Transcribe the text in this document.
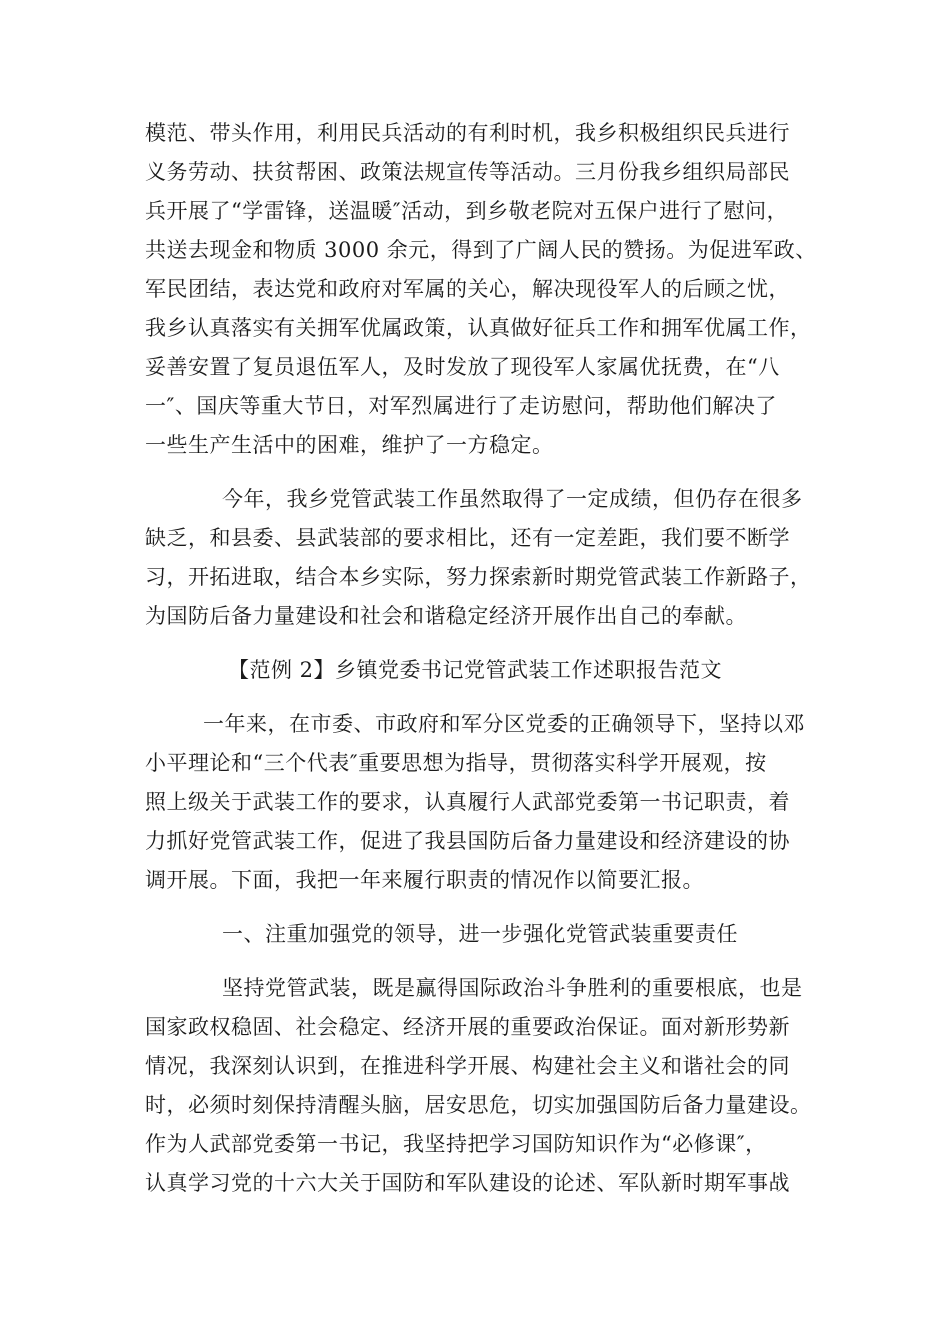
模范、带头作用，利用民兵活动的有利时机，我乡积极组织民兵进行
义务劳动、扶贫帮困、政策法规宣传等活动。三月份我乡组织局部民
兵开展了“学雷锋，送温暖″活动，到乡敬老院对五保户进行了慰问，
共送去现金和物质 3000 余元，得到了广阔人民的赞扬。为促进军政、
军民团结，表达党和政府对军属的关心，解决现役军人的后顾之忧，
我乡认真落实有关拥军优属政策，认真做好征兵工作和拥军优属工作，
妥善安置了复员退伍军人，及时发放了现役军人家属优抚费，在“八
一″、国庆等重大节日，对军烈属进行了走访慰问，帮助他们解决了
一些生产生活中的困难，维护了一方稳定。
今年，我乡党管武装工作虽然取得了一定成绩，但仍存在很多
缺乏，和县委、县武装部的要求相比，还有一定差距，我们要不断学
习，开拓进取，结合本乡实际，努力探索新时期党管武装工作新路子，
为国防后备力量建设和社会和谐稳定经济开展作出自己的奉献。
【范例 2】乡镇党委书记党管武装工作述职报告范文
一年来，在市委、市政府和军分区党委的正确领导下，坚持以邓
小平理论和“三个代表″重要思想为指导，贯彻落实科学开展观，按
照上级关于武装工作的要求，认真履行人武部党委第一书记职责，着
力抓好党管武装工作，促进了我县国防后备力量建设和经济建设的协
调开展。下面，我把一年来履行职责的情况作以简要汇报。
一、注重加强党的领导，进一步强化党管武装重要责任
坚持党管武装，既是赢得国际政治斗争胜利的重要根底，也是
国家政权稳固、社会稳定、经济开展的重要政治保证。面对新形势新
情况，我深刻认识到，在推进科学开展、构建社会主义和谐社会的同
时，必须时刻保持清醒头脑，居安思危，切实加强国防后备力量建设。
作为人武部党委第一书记，我坚持把学习国防知识作为“必修课″，
认真学习党的十六大关于国防和军队建设的论述、军队新时期军事战
